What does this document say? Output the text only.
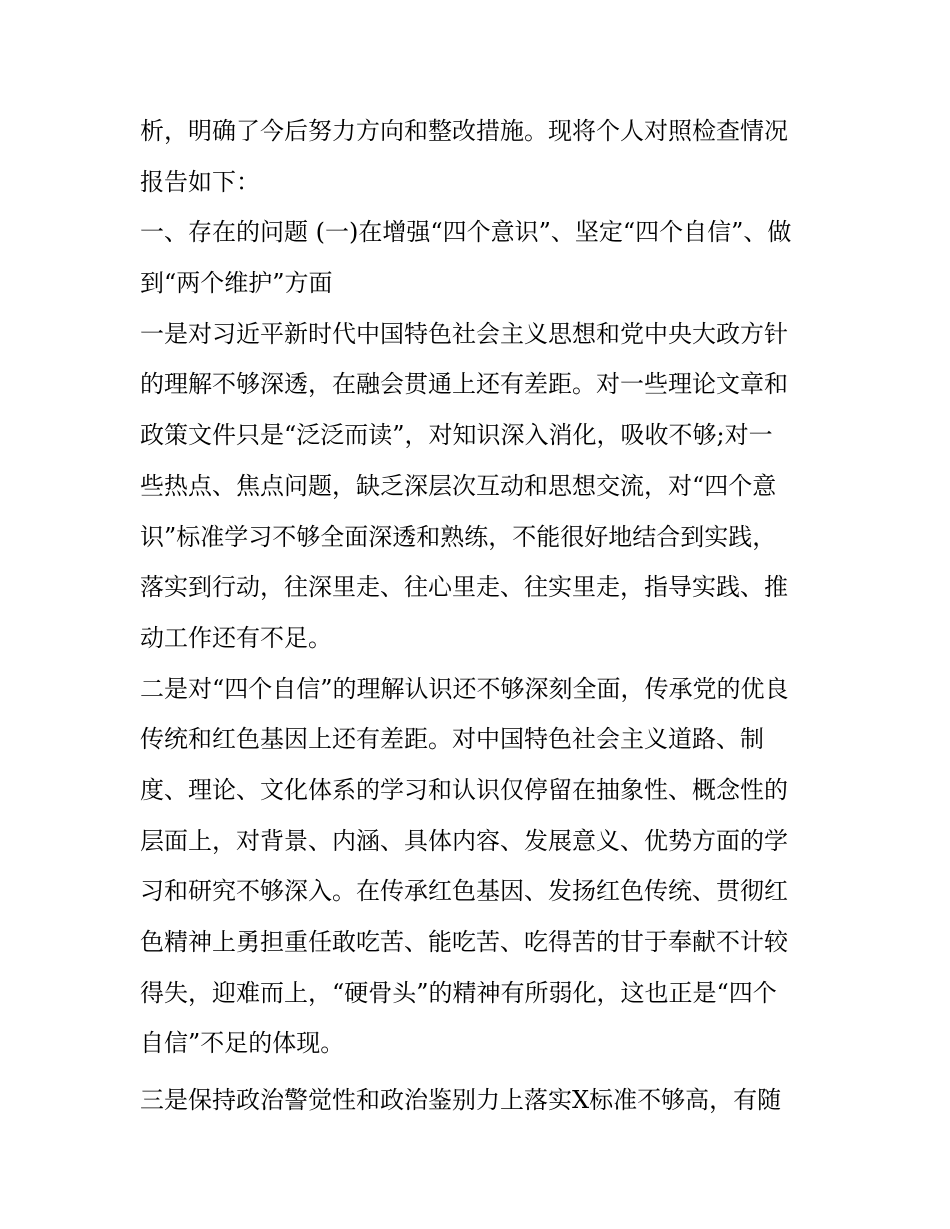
析，明确了今后努力方向和整改措施。现将个人对照检查情况
报告如下：
一、存在的问题 (一)在增强“四个意识”、坚定“四个自信”、做
到“两个维护”方面
一是对习近平新时代中国特色社会主义思想和党中央大政方针
的理解不够深透，在融会贯通上还有差距。对一些理论文章和
政策文件只是“泛泛而读”，对知识深入消化，吸收不够;对一
些热点、焦点问题，缺乏深层次互动和思想交流，对“四个意
识”标准学习不够全面深透和熟练，不能很好地结合到实践，
落实到行动，往深里走、往心里走、往实里走，指导实践、推
动工作还有不足。
二是对“四个自信”的理解认识还不够深刻全面，传承党的优良
传统和红色基因上还有差距。对中国特色社会主义道路、制
度、理论、文化体系的学习和认识仅停留在抽象性、概念性的
层面上，对背景、内涵、具体内容、发展意义、优势方面的学
习和研究不够深入。在传承红色基因、发扬红色传统、贯彻红
色精神上勇担重任敢吃苦、能吃苦、吃得苦的甘于奉献不计较
得失，迎难而上，“硬骨头”的精神有所弱化，这也正是“四个
自信”不足的体现。
三是保持政治警觉性和政治鉴别力上落实X标准不够高，有随
